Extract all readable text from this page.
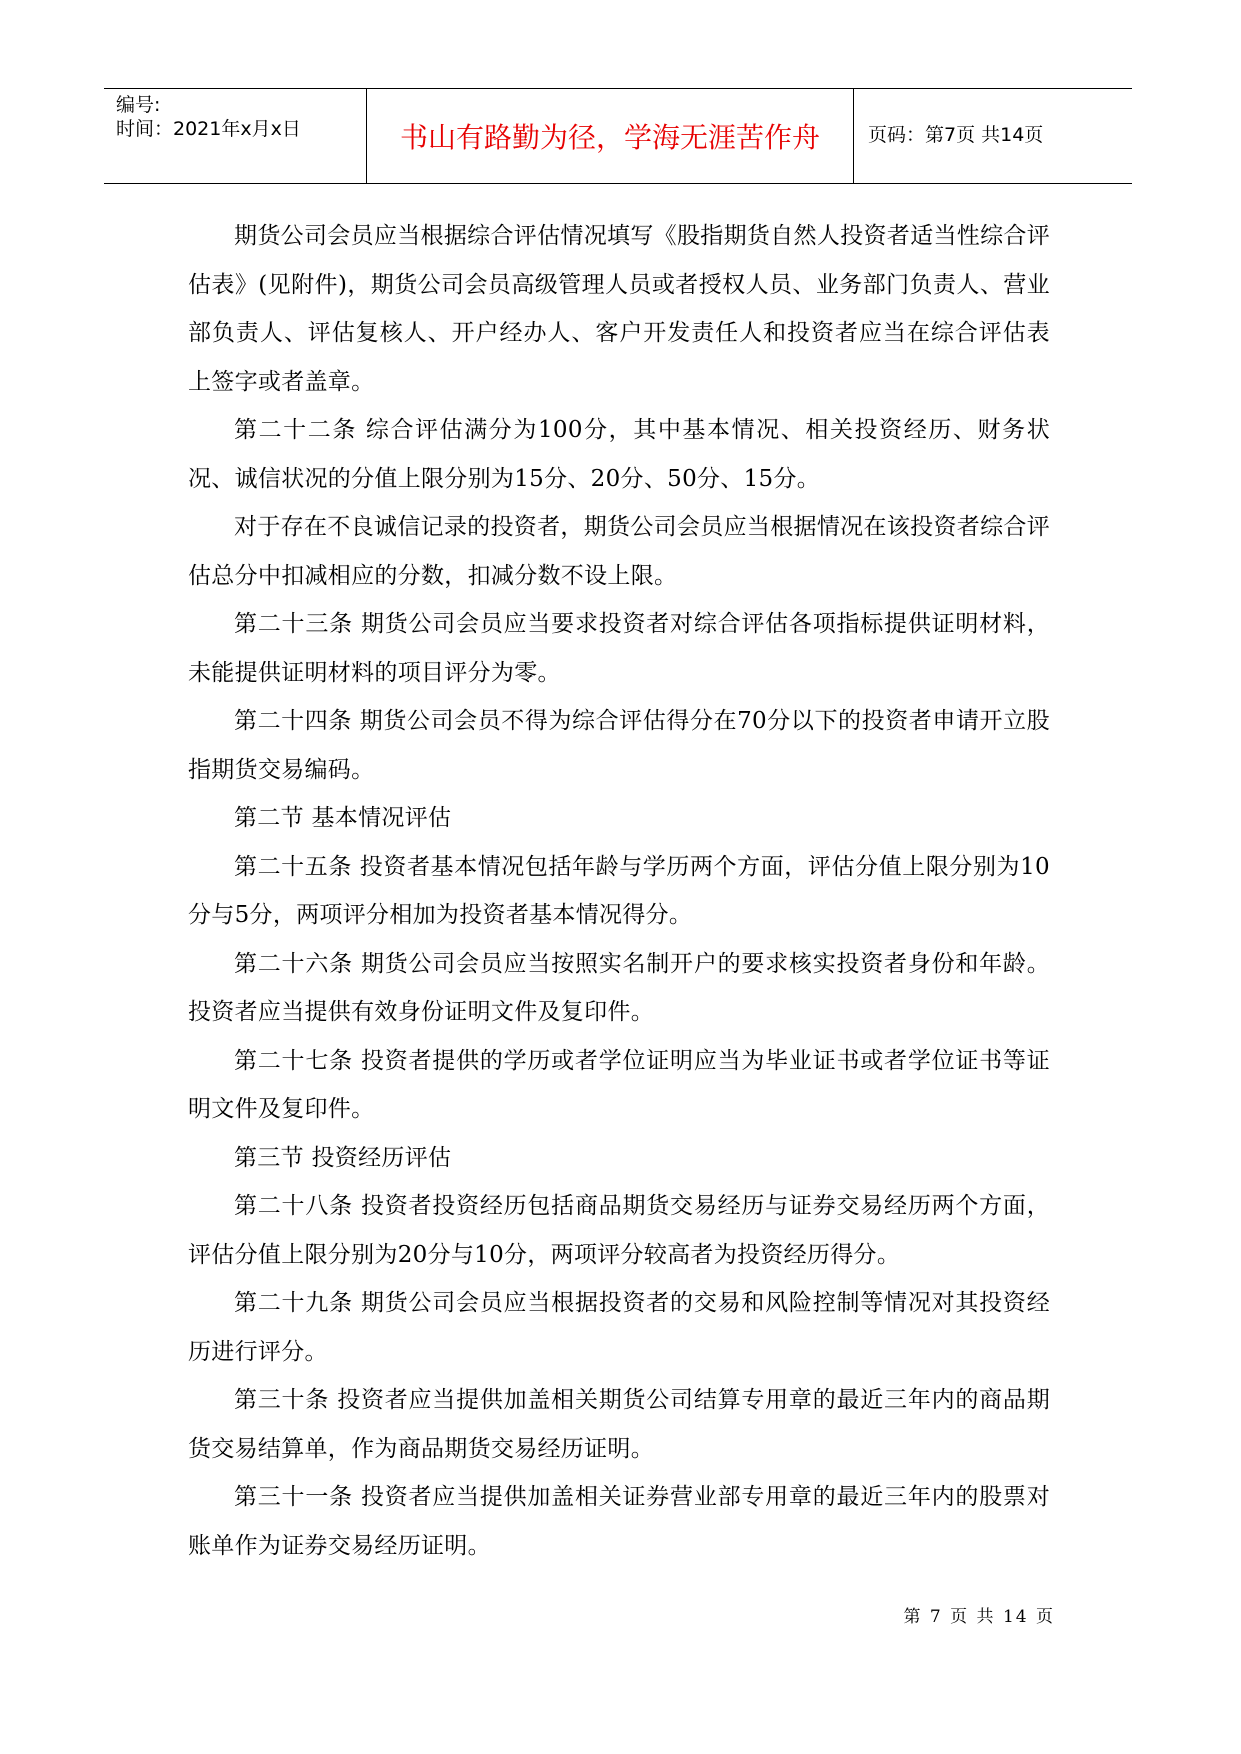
编号:
时间：2021年x月x日	书山有路勤为径，学海无涯苦作舟	页码：第7页 共14页

期货公司会员应当根据综合评估情况填写《股指期货自然人投资者适当性综合评估表》(见附件)，期货公司会员高级管理人员或者授权人员、业务部门负责人、营业部负责人、评估复核人、开户经办人、客户开发责任人和投资者应当在综合评估表上签字或者盖章。

第二十二条 综合评估满分为100分，其中基本情况、相关投资经历、财务状况、诚信状况的分值上限分别为15分、20分、50分、15分。

对于存在不良诚信记录的投资者，期货公司会员应当根据情况在该投资者综合评估总分中扣减相应的分数，扣减分数不设上限。

第二十三条 期货公司会员应当要求投资者对综合评估各项指标提供证明材料，未能提供证明材料的项目评分为零。

第二十四条 期货公司会员不得为综合评估得分在70分以下的投资者申请开立股指期货交易编码。

第二节 基本情况评估

第二十五条 投资者基本情况包括年龄与学历两个方面，评估分值上限分别为10分与5分，两项评分相加为投资者基本情况得分。

第二十六条 期货公司会员应当按照实名制开户的要求核实投资者身份和年龄。投资者应当提供有效身份证明文件及复印件。

第二十七条 投资者提供的学历或者学位证明应当为毕业证书或者学位证书等证明文件及复印件。

第三节 投资经历评估

第二十八条 投资者投资经历包括商品期货交易经历与证券交易经历两个方面，评估分值上限分别为20分与10分，两项评分较高者为投资经历得分。

第二十九条 期货公司会员应当根据投资者的交易和风险控制等情况对其投资经历进行评分。

第三十条 投资者应当提供加盖相关期货公司结算专用章的最近三年内的商品期货交易结算单，作为商品期货交易经历证明。

第三十一条 投资者应当提供加盖相关证券营业部专用章的最近三年内的股票对账单作为证券交易经历证明。

第 7 页 共 14 页
